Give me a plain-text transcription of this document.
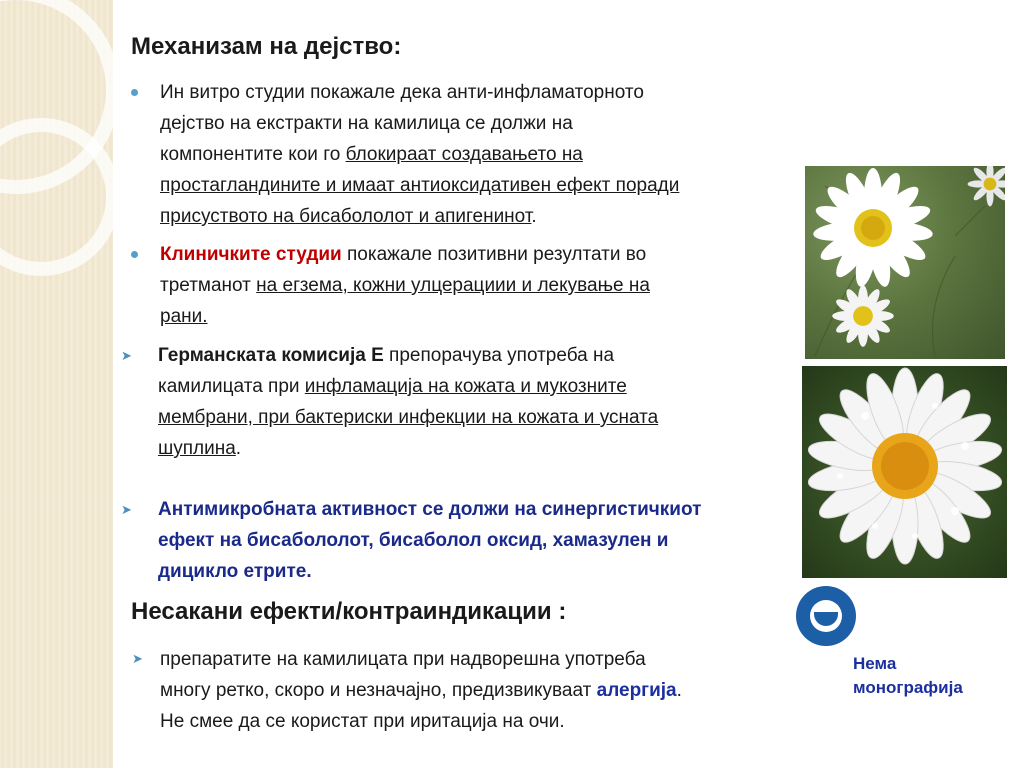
Механизам на дејство:
Ин витро студии покажале дека анти-инфламаторното
дејство на екстракти на камилица се должи на
компонентите кои го блокираат создавањето на
простагландините и имаат антиоксидативен ефект поради
присуството на бисабололот и апигенинот.
Клиничките студии покажале позитивни резултати во
третманот на егзема, кожни улцерациии и лекување на
рани.
➤ Германската комисија Е препорачува употреба на
камилицата при инфламација на кожата и мукозните
мембрани, при бактериски инфекции на кожата и усната
шуплина.
➤ Антимикробната активност се должи на синергистичкиот
ефект на бисабололот, бисаболол оксид, хамазулен и
дицикло етрите.
Несакани ефекти/контраиндикации :
➤ препаратите на камилицата при надворешна употреба
многу ретко, скоро и незначајно, предизвикуваат алергија.
Не смее да се користат при иритација на очи.
Нема
монографија
